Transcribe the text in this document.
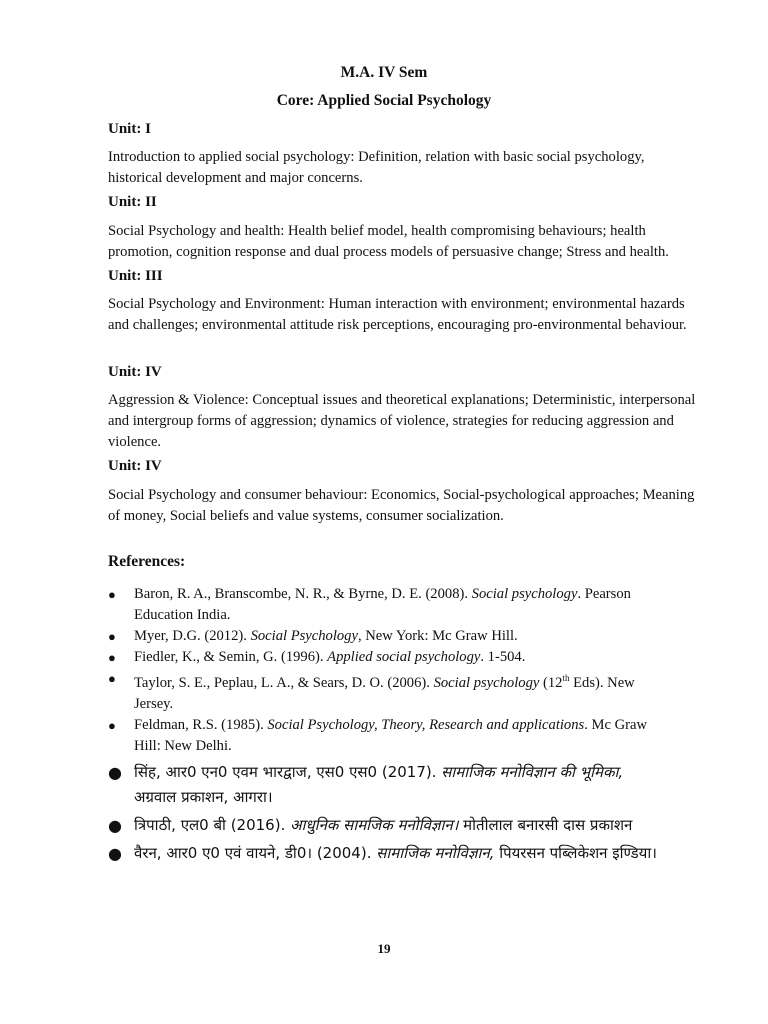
M.A. IV Sem
Core: Applied Social Psychology
Unit: I
Introduction to applied social psychology: Definition, relation with basic social psychology, historical development and major concerns.
Unit: II
Social Psychology and health: Health belief model, health compromising behaviours; health promotion, cognition response and dual process models of persuasive change; Stress and health.
Unit: III
Social Psychology and Environment: Human interaction with environment; environmental hazards and challenges; environmental attitude risk perceptions, encouraging pro-environmental behaviour.
Unit: IV
Aggression & Violence: Conceptual issues and theoretical explanations; Deterministic, interpersonal and intergroup forms of aggression; dynamics of violence, strategies for reducing aggression and violence.
Unit: IV
Social Psychology and consumer behaviour: Economics, Social-psychological approaches; Meaning of money, Social beliefs and value systems, consumer socialization.
References:
● Baron, R. A., Branscombe, N. R., & Byrne, D. E. (2008). Social psychology. Pearson Education India.
● Myer, D.G. (2012). Social Psychology, New York: Mc Graw Hill.
● Fiedler, K., & Semin, G. (1996). Applied social psychology. 1-504.
● Taylor, S. E., Peplau, L. A., & Sears, D. O. (2006). Social psychology (12th Eds). New Jersey.
● Feldman, R.S. (1985). Social Psychology, Theory, Research and applications. Mc Graw Hill: New Delhi.
● सिंह, आर0 एन0 एवम भारद्वाज, एस0 एस0 (2017). सामाजिक मनोविज्ञान की भूमिका, अग्रवाल प्रकाशन, आगरा।
● त्रिपाठी, एल0 बी (2016). आधुनिक सामजिक मनोविज्ञान। मोतीलाल बनारसी दास प्रकाशन
● वैरन, आर0 ए0 एवं वायने, डी0। (2004). सामाजिक मनोविज्ञान, पियरसन पब्लिकेशन इण्डिया।
19
